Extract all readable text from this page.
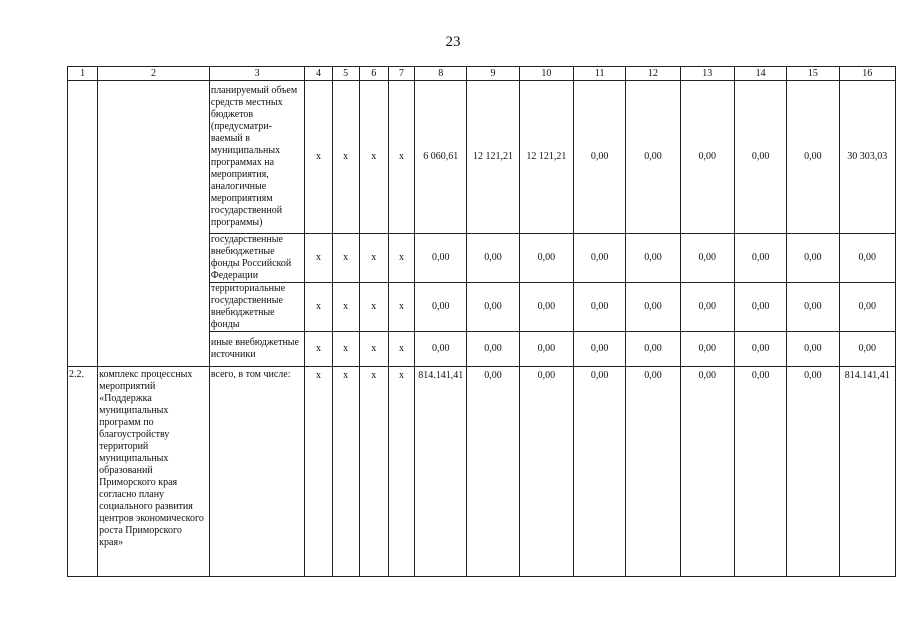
23
1	2	3	4	5	6	7	8	9	10	11	12	13	14	15	16
		планируемый объем средств местных бюджетов (предусматри-ваемый в муниципальных программах на мероприятия, аналогичные мероприятиям государственной программы)	x	x	x	x	6 060,61	12 121,21	12 121,21	0,00	0,00	0,00	0,00	0,00	30 303,03
		государственные внебюджетные фонды Российской Федерации	x	x	x	x	0,00	0,00	0,00	0,00	0,00	0,00	0,00	0,00	0,00
		территориальные государственные внебюджетные фонды	x	x	x	x	0,00	0,00	0,00	0,00	0,00	0,00	0,00	0,00	0,00
		иные внебюджетные источники	x	x	x	x	0,00	0,00	0,00	0,00	0,00	0,00	0,00	0,00	0,00
2.2.	комплекс процессных мероприятий «Поддержка муниципальных программ по благоустройству территорий муниципальных образований Приморского края согласно плану социального развития центров экономического роста Приморского края»	всего, в том числе:	x	x	x	x	814.141,41	0,00	0,00	0,00	0,00	0,00	0,00	0,00	814.141,41
